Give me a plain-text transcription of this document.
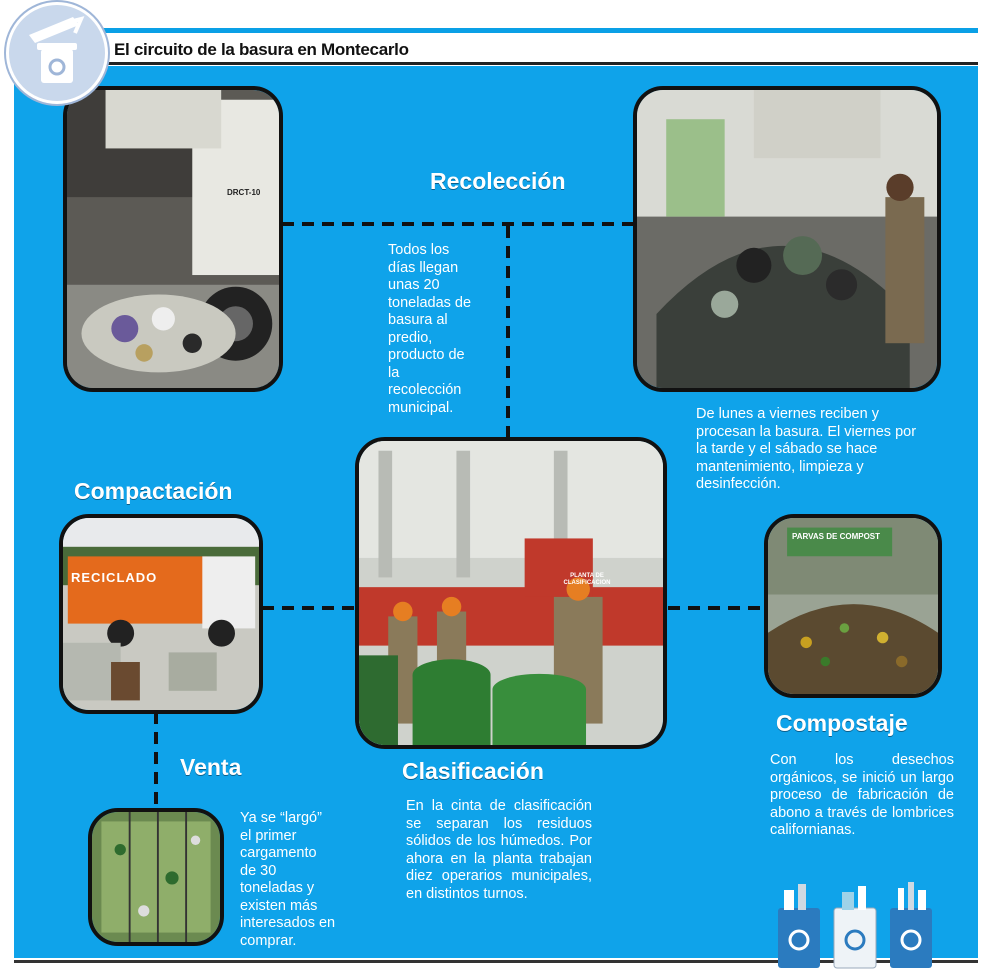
El circuito de la basura en Montecarlo
DRCT-10
PLANTA DE CLASIFICACION
RECICLADO
PARVAS DE COMPOST
Recolección
Compactación
Clasificación
Compostaje
Venta
Todos los días llegan unas 20 toneladas de basura al predio, producto de la recolección municipal.	De lunes a viernes reciben y procesan la basura. El viernes por la tarde y el sábado se hace mantenimiento, limpieza y desinfección.
En la cinta de clasificación se separan los residuos sólidos de los húmedos. Por ahora en la planta trabajan diez operarios municipales, en distintos turnos.
Con los desechos orgánicos, se inició un largo proceso de fabricación de abono a través de lombrices californianas.
Ya se “largó” el primer cargamento de 30 toneladas y existen más interesados en comprar.
